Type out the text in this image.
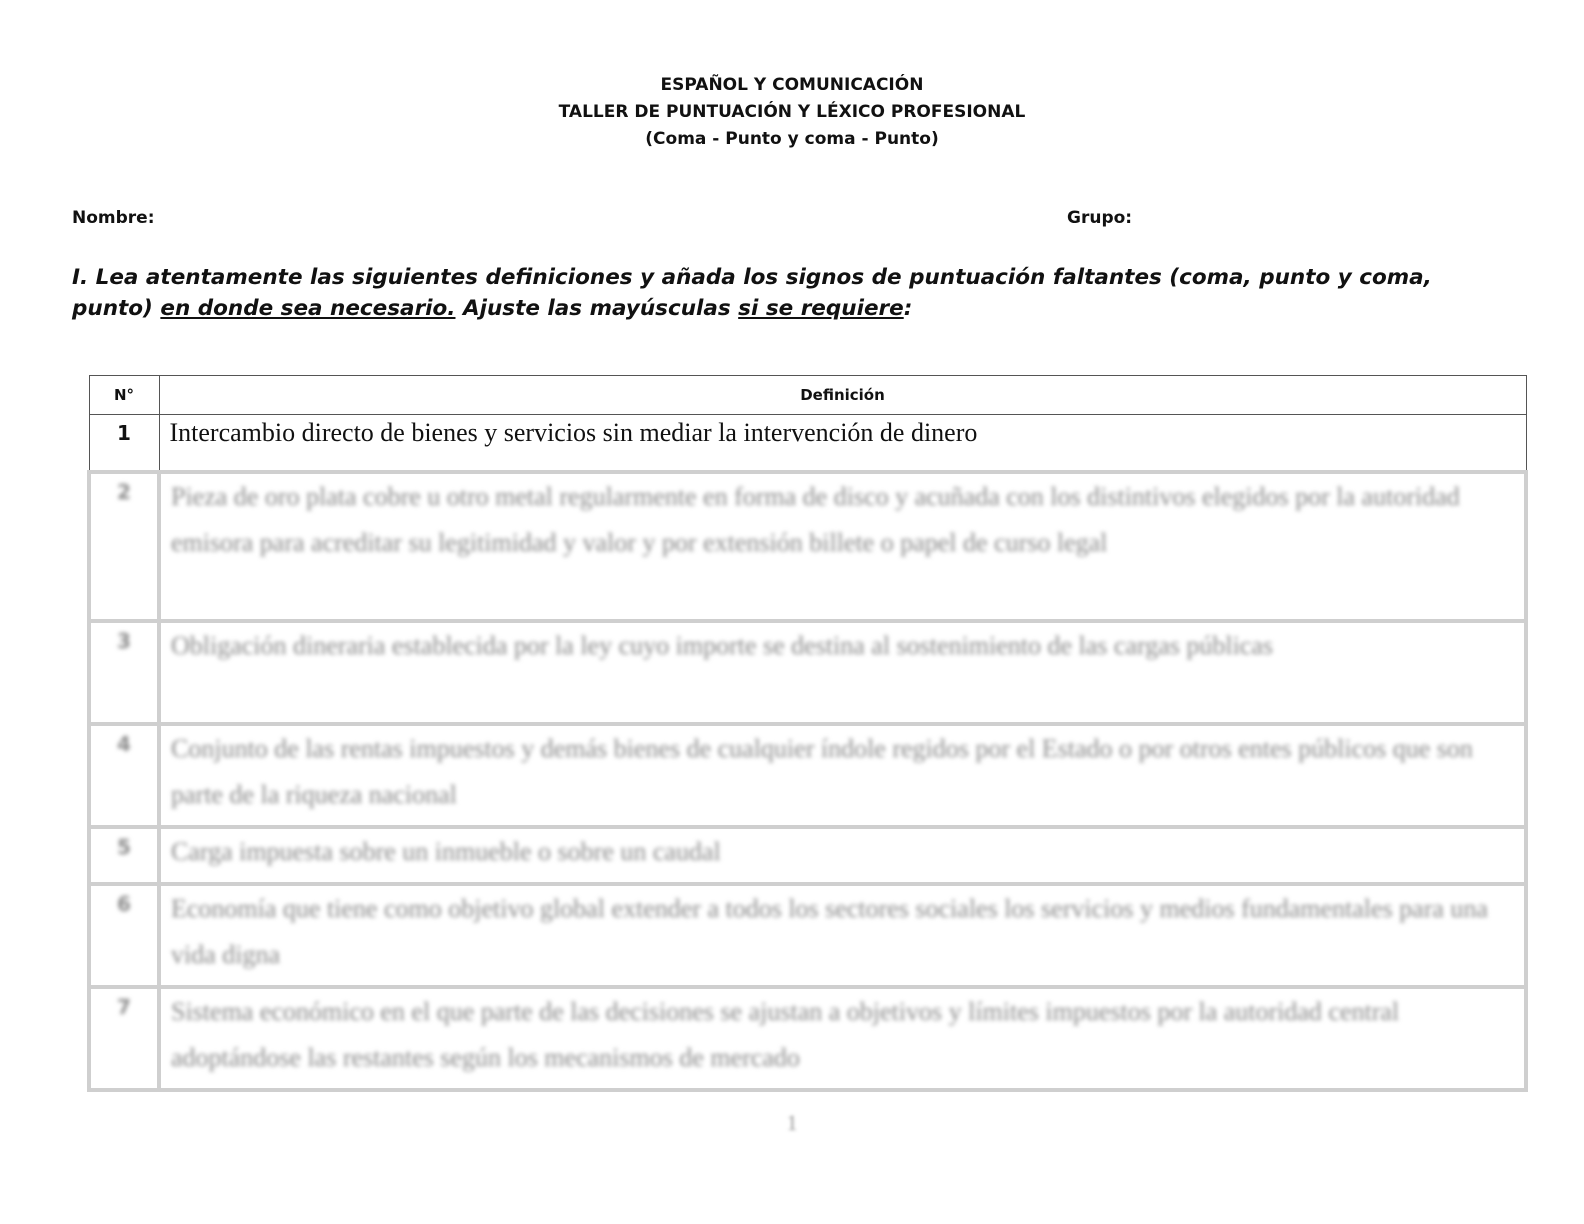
ESPAÑOL Y COMUNICACIÓN
TALLER DE PUNTUACIÓN Y LÉXICO PROFESIONAL
(Coma - Punto y coma - Punto)
Nombre:	Grupo:
I. Lea atentamente las siguientes definiciones y añada los signos de puntuación faltantes (coma, punto y coma, punto) en donde sea necesario. Ajuste las mayúsculas si se requiere:
N°	Definición
1	Intercambio directo de bienes y servicios sin mediar la intervención de dinero
2	Pieza de oro plata cobre u otro metal regularmente en forma de disco y acuñada con los distintivos elegidos por la autoridad emisora para acreditar su legitimidad y valor y por extensión billete o papel de curso legal
3	Obligación dineraria establecida por la ley cuyo importe se destina al sostenimiento de las cargas públicas
4	Conjunto de las rentas impuestos y demás bienes de cualquier índole regidos por el Estado o por otros entes públicos que son parte de la riqueza nacional
5	Carga impuesta sobre un inmueble o sobre un caudal
6	Economía que tiene como objetivo global extender a todos los sectores sociales los servicios y medios fundamentales para una vida digna
7	Sistema económico en el que parte de las decisiones se ajustan a objetivos y límites impuestos por la autoridad central adoptándose las restantes según los mecanismos de mercado
1
